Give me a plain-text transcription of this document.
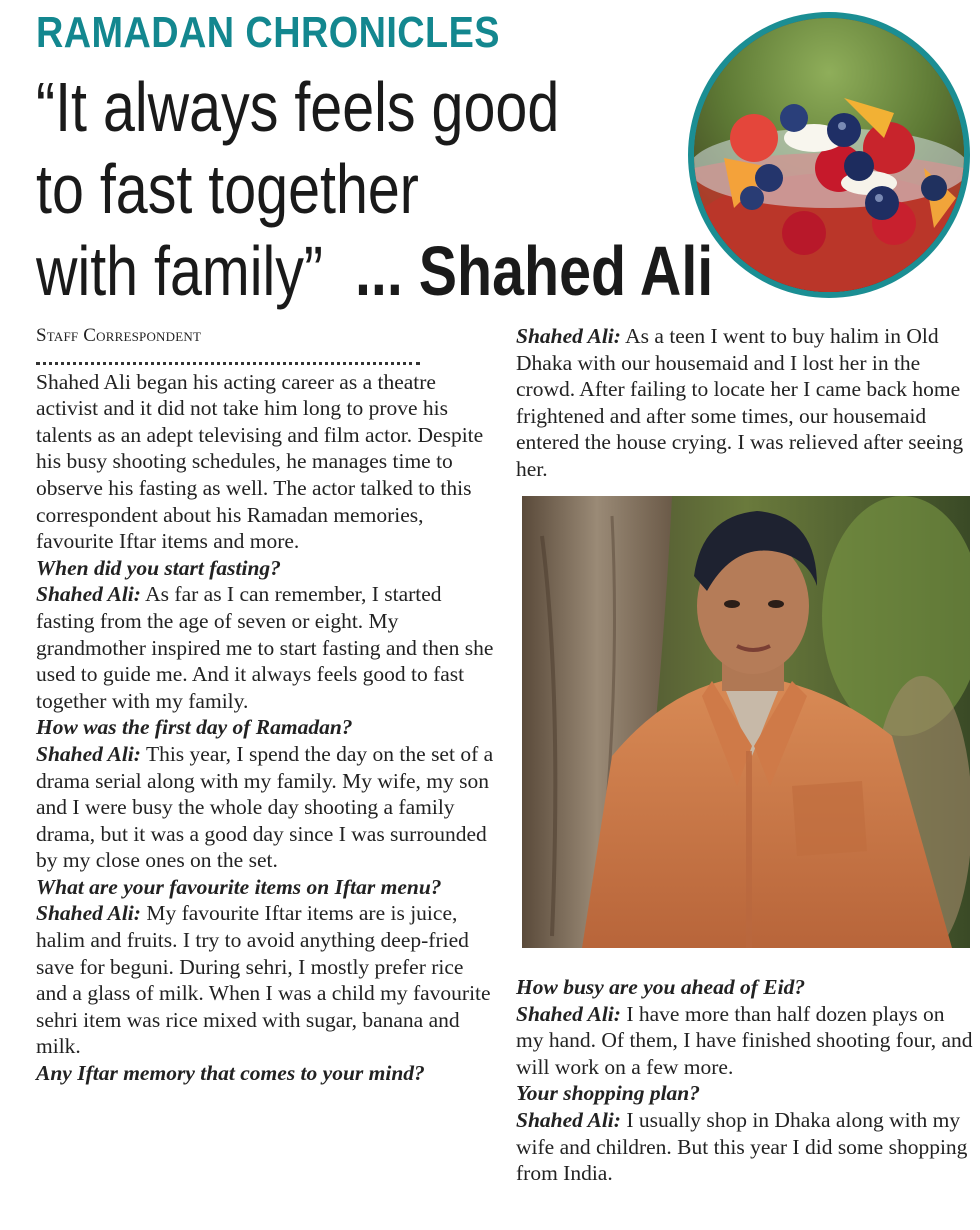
RAMADAN CHRONICLES
“It always feels good
to fast together
with family” ... Shahed Ali
Staff Correspondent

Shahed Ali began his acting career as a theatre activist and it did not take him long to prove his talents as an adept televising and film actor. Despite his busy shooting schedules, he manages time to observe his fasting as well. The actor talked to this correspondent about his Ramadan memories, favourite Iftar items and more.

When did you start fasting?

Shahed Ali: As far as I can remember, I started fasting from the age of seven or eight. My grandmother inspired me to start fasting and then she used to guide me. And it always feels good to fast together with my family.

How was the first day of Ramadan?

Shahed Ali: This year, I spend the day on the set of a drama serial along with my family. My wife, my son and I were busy the whole day shooting a family drama, but it was a good day since I was surrounded by my close ones on the set.

What are your favourite items on Iftar menu?

Shahed Ali: My favourite Iftar items are is juice, halim and fruits. I try to avoid anything deep-fried save for beguni. During sehri, I mostly prefer rice and a glass of milk. When I was a child my favourite sehri item was rice mixed with sugar, banana and milk.

Any Iftar memory that comes to your mind?

Shahed Ali: As a teen I went to buy halim in Old Dhaka with our housemaid and I lost her in the crowd. After failing to locate her I came back home frightened and after some times, our housemaid entered the house crying. I was relieved after seeing her.

How busy are you ahead of Eid?

Shahed Ali: I have more than half dozen plays on my hand. Of them, I have finished shooting four, and will work on a few more.

Your shopping plan?

Shahed Ali: I usually shop in Dhaka along with my wife and children. But this year I did some shopping from India.
